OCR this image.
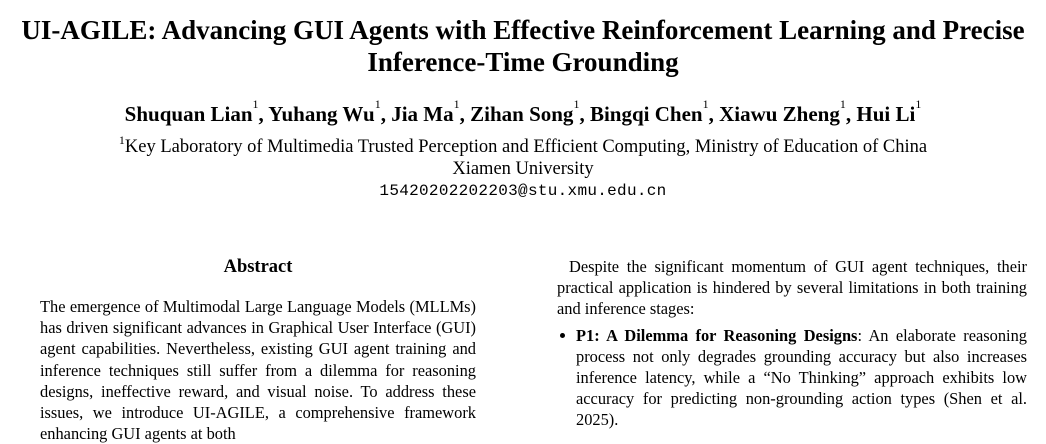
UI-AGILE: Advancing GUI Agents with Effective Reinforcement Learning and Precise Inference-Time Grounding
Shuquan Lian$^1$, Yuhang Wu$^1$, Jia Ma$^1$, Zihan Song$^1$, Bingqi Chen$^1$, Xiawu Zheng$^1$, Hui Li$^1$
$^1$Key Laboratory of Multimedia Trusted Perception and Efficient Computing, Ministry of Education of China
Xiamen University
15420202202203@stu.xmu.edu.cn
Abstract
The emergence of Multimodal Large Language Models (MLLMs) has driven significant advances in Graphical User Interface (GUI) agent capabilities. Nevertheless, existing GUI agent training and inference techniques still suffer from a dilemma for reasoning designs, ineffective reward, and visual noise. To address these issues, we introduce UI-AGILE, a comprehensive framework enhancing GUI agents at both
Despite the significant momentum of GUI agent techniques, their practical application is hindered by several limitations in both training and inference stages:
P1: A Dilemma for Reasoning Designs: An elaborate reasoning process not only degrades grounding accuracy but also increases inference latency, while a “No Thinking” approach exhibits low accuracy for predicting non-grounding action types (Shen et al. 2025).
